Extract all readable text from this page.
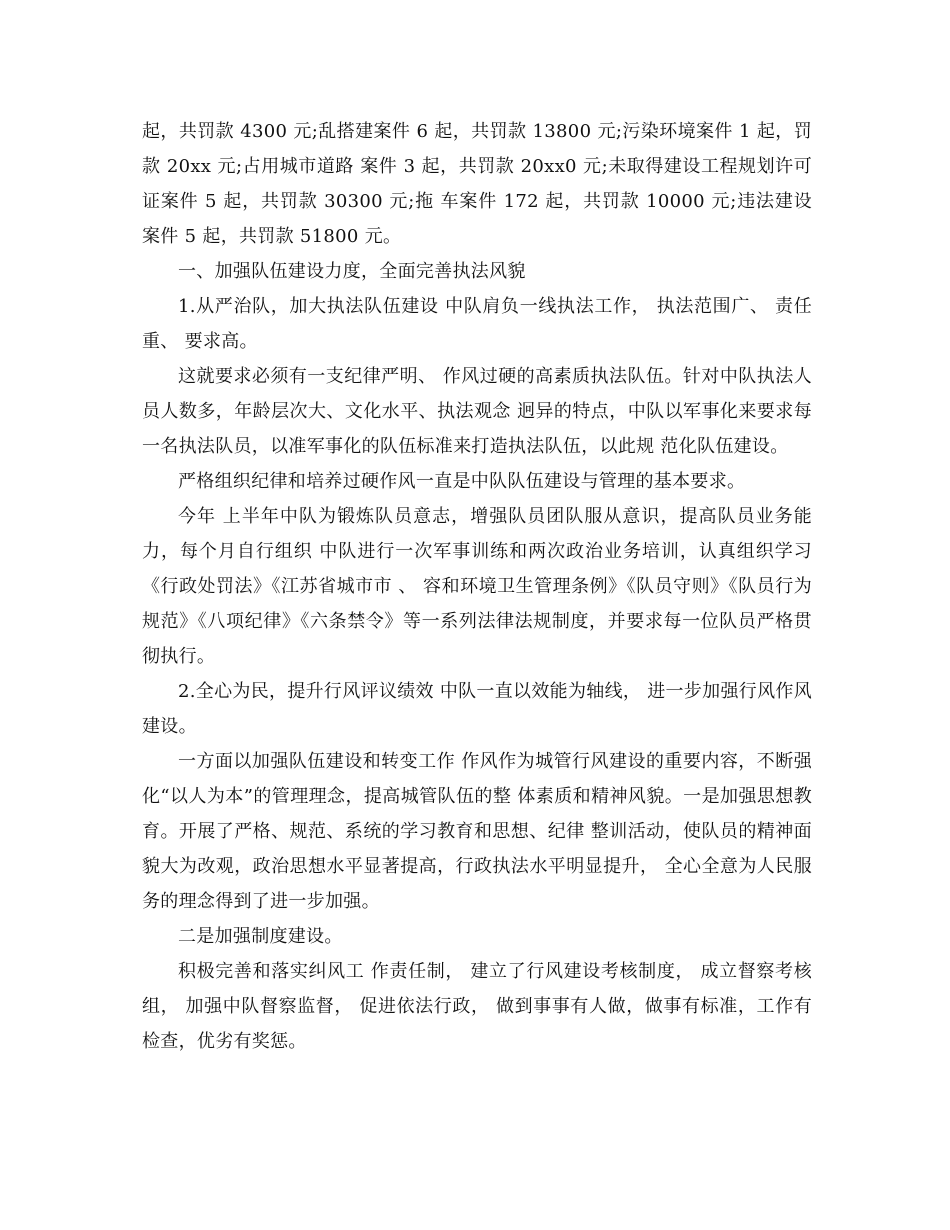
起，共罚款 4300 元;乱搭建案件 6 起，共罚款 13800 元;污染环境案件 1 起，罚款 20xx 元;占用城市道路 案件 3 起，共罚款 20xx0 元;未取得建设工程规划许可证案件 5 起，共罚款 30300 元;拖 车案件 172 起，共罚款 10000 元;违法建设案件 5 起，共罚款 51800 元。

一、加强队伍建设力度，全面完善执法风貌

1.从严治队，加大执法队伍建设 中队肩负一线执法工作， 执法范围广、 责任重、 要求高。

这就要求必须有一支纪律严明、 作风过硬的高素质执法队伍。针对中队执法人员人数多，年龄层次大、文化水平、执法观念 迥异的特点，中队以军事化来要求每一名执法队员，以准军事化的队伍标准来打造执法队伍，以此规 范化队伍建设。

严格组织纪律和培养过硬作风一直是中队队伍建设与管理的基本要求。

今年 上半年中队为锻炼队员意志，增强队员团队服从意识，提高队员业务能力，每个月自行组织 中队进行一次军事训练和两次政治业务培训，认真组织学习《行政处罚法》《江苏省城市市 、 容和环境卫生管理条例》《队员守则》《队员行为规范》《八项纪律》《六条禁令》等一系列法律法规制度，并要求每一位队员严格贯彻执行。

2.全心为民，提升行风评议绩效 中队一直以效能为轴线， 进一步加强行风作风建设。

一方面以加强队伍建设和转变工作 作风作为城管行风建设的重要内容，不断强化“以人为本”的管理理念，提高城管队伍的整 体素质和精神风貌。一是加强思想教育。开展了严格、规范、系统的学习教育和思想、纪律 整训活动，使队员的精神面貌大为改观，政治思想水平显著提高，行政执法水平明显提升， 全心全意为人民服务的理念得到了进一步加强。

二是加强制度建设。

积极完善和落实纠风工 作责任制， 建立了行风建设考核制度， 成立督察考核组， 加强中队督察监督， 促进依法行政， 做到事事有人做，做事有标准，工作有检查，优劣有奖惩。
